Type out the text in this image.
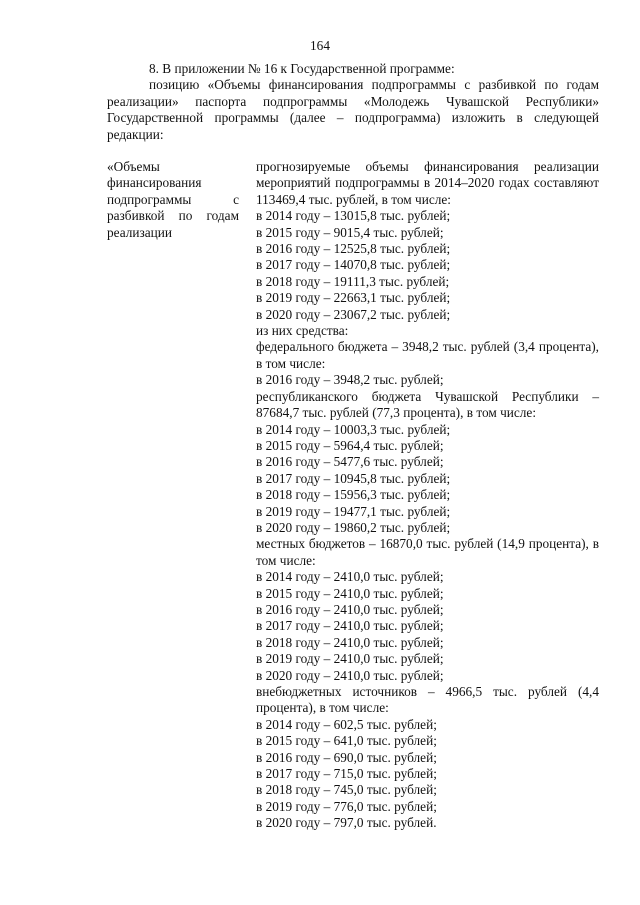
164

8. В приложении № 16 к Государственной программе:

позицию «Объемы финансирования подпрограммы с разбивкой по годам реализации» паспорта подпрограммы «Молодежь Чувашской Республики» Государственной программы (далее – подпрограмма) изложить в следующей редакции:

«Объемы финансирования подпрограммы с разбивкой по годам реализации
прогнозируемые объемы финансирования реализации мероприятий подпрограммы в 2014–2020 годах составляют 113469,4 тыс. рублей, в том числе:
в 2014 году – 13015,8 тыс. рублей;
в 2015 году – 9015,4 тыс. рублей;
в 2016 году – 12525,8 тыс. рублей;
в 2017 году – 14070,8 тыс. рублей;
в 2018 году – 19111,3 тыс. рублей;
в 2019 году – 22663,1 тыс. рублей;
в 2020 году – 23067,2 тыс. рублей;
из них средства:
федерального бюджета – 3948,2 тыс. рублей (3,4 процента), в том числе:
в 2016 году – 3948,2 тыс. рублей;
республиканского бюджета Чувашской Республики – 87684,7 тыс. рублей (77,3 процента), в том числе:
в 2014 году – 10003,3 тыс. рублей;
в 2015 году – 5964,4 тыс. рублей;
в 2016 году – 5477,6 тыс. рублей;
в 2017 году – 10945,8 тыс. рублей;
в 2018 году – 15956,3 тыс. рублей;
в 2019 году – 19477,1 тыс. рублей;
в 2020 году – 19860,2 тыс. рублей;
местных бюджетов – 16870,0 тыс. рублей (14,9 процента), в том числе:
в 2014 году – 2410,0 тыс. рублей;
в 2015 году – 2410,0 тыс. рублей;
в 2016 году – 2410,0 тыс. рублей;
в 2017 году – 2410,0 тыс. рублей;
в 2018 году – 2410,0 тыс. рублей;
в 2019 году – 2410,0 тыс. рублей;
в 2020 году – 2410,0 тыс. рублей;
внебюджетных источников – 4966,5 тыс. рублей (4,4 процента), в том числе:
в 2014 году – 602,5 тыс. рублей;
в 2015 году – 641,0 тыс. рублей;
в 2016 году – 690,0 тыс. рублей;
в 2017 году – 715,0 тыс. рублей;
в 2018 году – 745,0 тыс. рублей;
в 2019 году – 776,0 тыс. рублей;
в 2020 году – 797,0 тыс. рублей.
